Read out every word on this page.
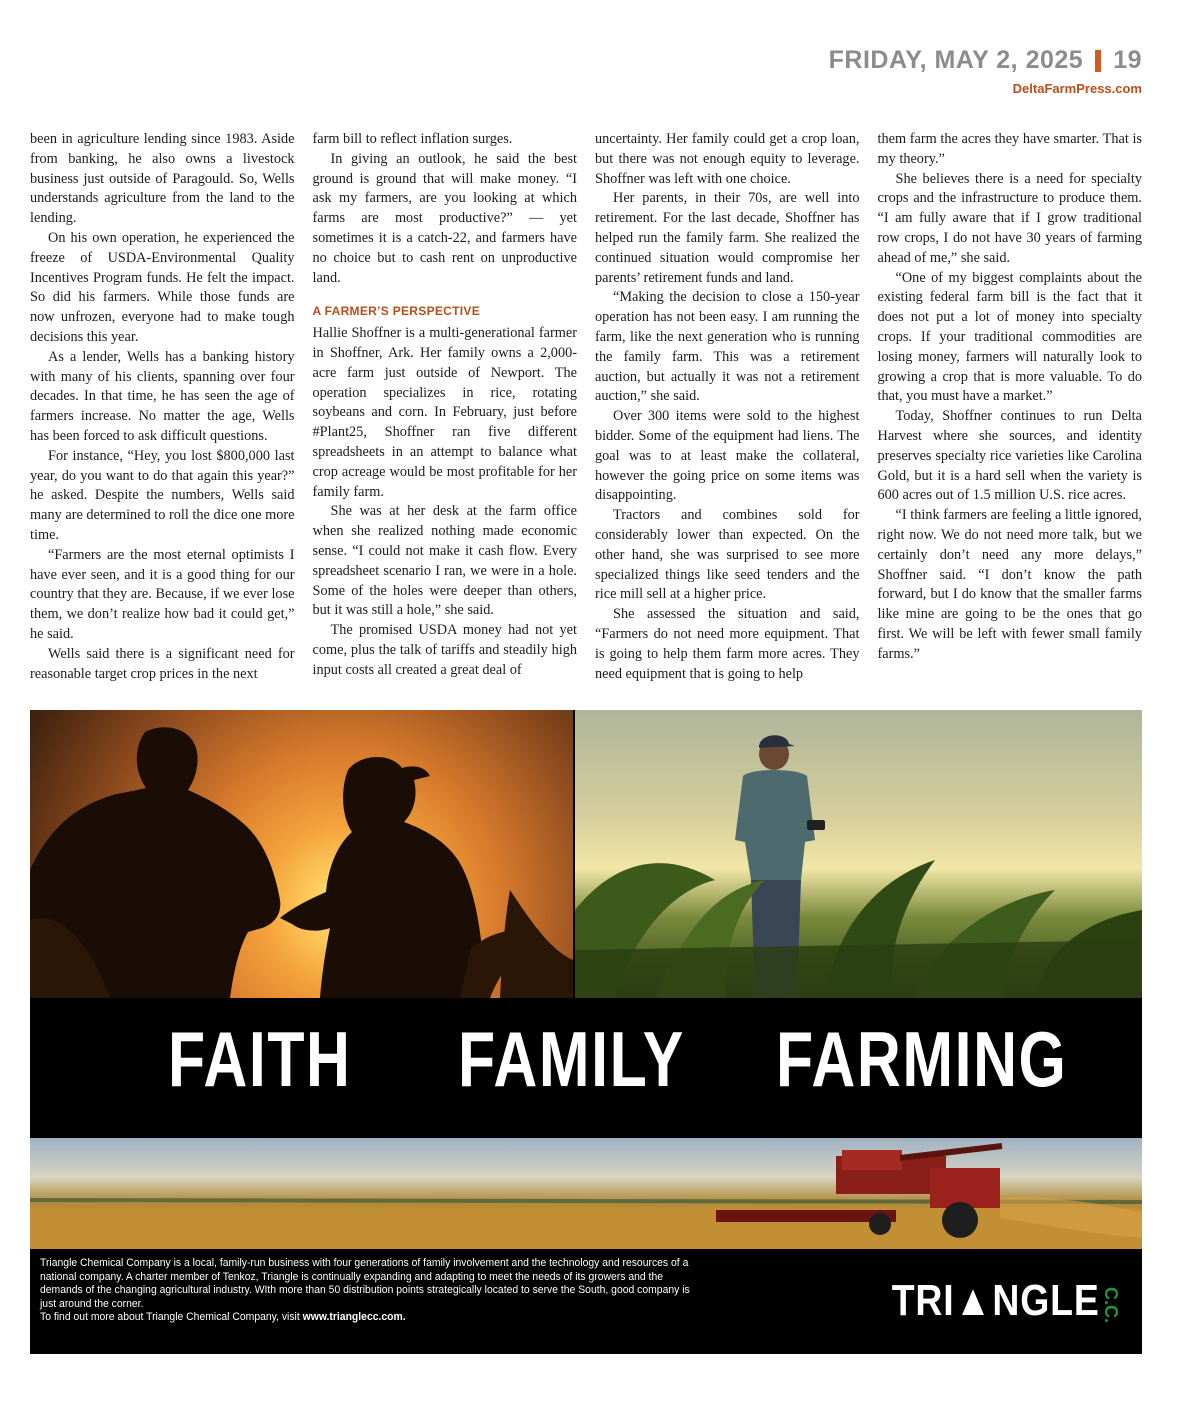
FRIDAY, MAY 2, 2025 19
DeltaFarmPress.com

been in agriculture lending since 1983. Aside from banking, he also owns a livestock business just outside of Paragould. So, Wells understands agriculture from the land to the lending.

On his own operation, he experienced the freeze of USDA-Environmental Quality Incentives Program funds. He felt the impact. So did his farmers. While those funds are now unfrozen, everyone had to make tough decisions this year.

As a lender, Wells has a banking history with many of his clients, spanning over four decades. In that time, he has seen the age of farmers increase. No matter the age, Wells has been forced to ask difficult questions.

For instance, “Hey, you lost $800,000 last year, do you want to do that again this year?” he asked. Despite the numbers, Wells said many are determined to roll the dice one more time.

“Farmers are the most eternal optimists I have ever seen, and it is a good thing for our country that they are. Because, if we ever lose them, we don’t realize how bad it could get,” he said.

Wells said there is a significant need for reasonable target crop prices in the next

farm bill to reflect inflation surges.

In giving an outlook, he said the best ground is ground that will make money. “I ask my farmers, are you looking at which farms are most productive?” — yet sometimes it is a catch-22, and farmers have no choice but to cash rent on unproductive land.

A FARMER’S PERSPECTIVE

Hallie Shoffner is a multi-generational farmer in Shoffner, Ark. Her family owns a 2,000-acre farm just outside of Newport. The operation specializes in rice, rotating soybeans and corn. In February, just before #Plant25, Shoffner ran five different spreadsheets in an attempt to balance what crop acreage would be most profitable for her family farm.

She was at her desk at the farm office when she realized nothing made economic sense. “I could not make it cash flow. Every spreadsheet scenario I ran, we were in a hole. Some of the holes were deeper than others, but it was still a hole,” she said.

The promised USDA money had not yet come, plus the talk of tariffs and steadily high input costs all created a great deal of

uncertainty. Her family could get a crop loan, but there was not enough equity to leverage. Shoffner was left with one choice.

Her parents, in their 70s, are well into retirement. For the last decade, Shoffner has helped run the family farm. She realized the continued situation would compromise her parents’ retirement funds and land.

“Making the decision to close a 150-year operation has not been easy. I am running the farm, like the next generation who is running the family farm. This was a retirement auction, but actually it was not a retirement auction,” she said.

Over 300 items were sold to the highest bidder. Some of the equipment had liens. The goal was to at least make the collateral, however the going price on some items was disappointing.

Tractors and combines sold for considerably lower than expected. On the other hand, she was surprised to see more specialized things like seed tenders and the rice mill sell at a higher price.

She assessed the situation and said, “Farmers do not need more equipment. That is going to help them farm more acres. They need equipment that is going to help

them farm the acres they have smarter. That is my theory.”

She believes there is a need for specialty crops and the infrastructure to produce them. “I am fully aware that if I grow traditional row crops, I do not have 30 years of farming ahead of me,” she said.

“One of my biggest complaints about the existing federal farm bill is the fact that it does not put a lot of money into specialty crops. If your traditional commodities are losing money, farmers will naturally look to growing a crop that is more valuable. To do that, you must have a market.”

Today, Shoffner continues to run Delta Harvest where she sources, and identity preserves specialty rice varieties like Carolina Gold, but it is a hard sell when the variety is 600 acres out of 1.5 million U.S. rice acres.

“I think farmers are feeling a little ignored, right now. We do not need more talk, but we certainly don’t need any more delays,” Shoffner said. “I don’t know the path forward, but I do know that the smaller farms like mine are going to be the ones that go first. We will be left with fewer small family farms.”

FAITH FAMILY FARMING
Triangle Chemical Company is a local, family-run business with four generations of family involvement and the technology and resources of a national company. A charter member of Tenkoz, Triangle is continually expanding and adapting to meet the needs of its growers and the demands of the changing agricultural industry. WIth more than 50 distribution points strategically located to serve the South, good company is just around the corner.
To find out more about Triangle Chemical Company, visit www.trianglecc.com.	TRI▲NGLE C.C.
